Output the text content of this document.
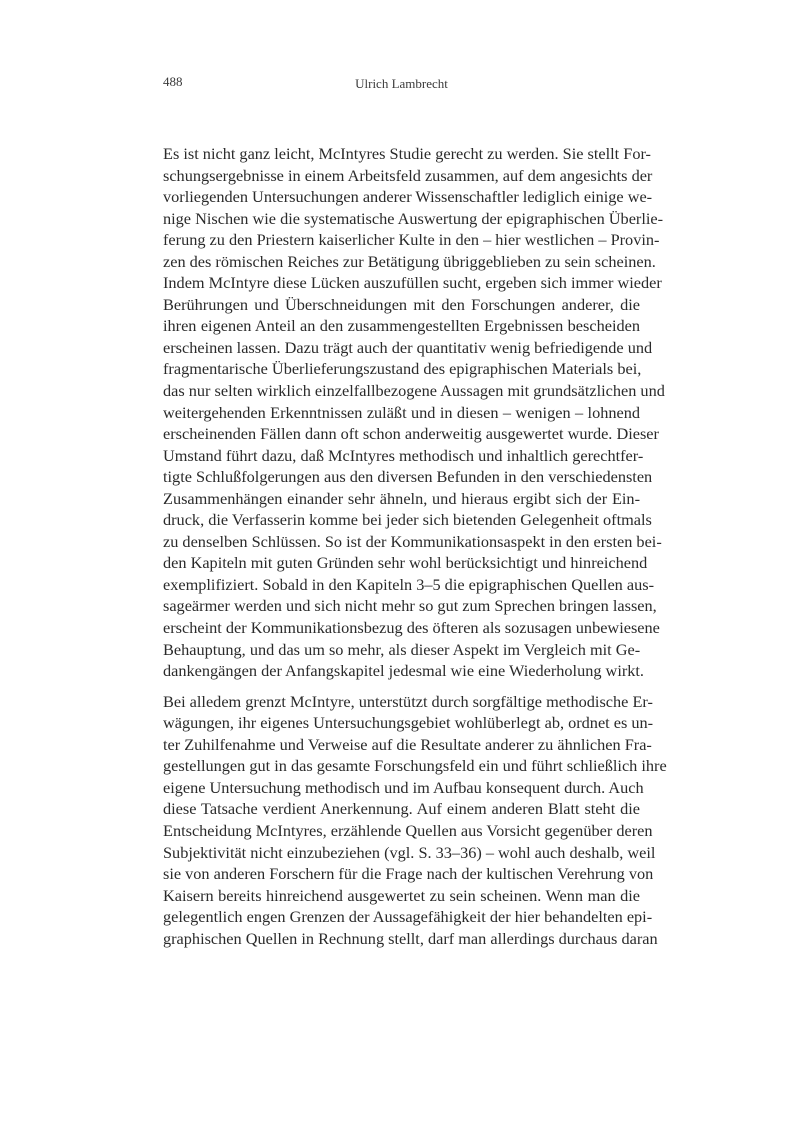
488	Ulrich Lambrecht

Es ist nicht ganz leicht, McIntyres Studie gerecht zu werden. Sie stellt For-
schungsergebnisse in einem Arbeitsfeld zusammen, auf dem angesichts der
vorliegenden Untersuchungen anderer Wissenschaftler lediglich einige we-
nige Nischen wie die systematische Auswertung der epigraphischen Überlie-
ferung zu den Priestern kaiserlicher Kulte in den – hier westlichen – Provin-
zen des römischen Reiches zur Betätigung übriggeblieben zu sein scheinen.
Indem McIntyre diese Lücken auszufüllen sucht, ergeben sich immer wieder
Berührungen und Überschneidungen mit den Forschungen anderer, die
ihren eigenen Anteil an den zusammengestellten Ergebnissen bescheiden
erscheinen lassen. Dazu trägt auch der quantitativ wenig befriedigende und
fragmentarische Überlieferungszustand des epigraphischen Materials bei,
das nur selten wirklich einzelfallbezogene Aussagen mit grundsätzlichen und
weitergehenden Erkenntnissen zuläßt und in diesen – wenigen – lohnend
erscheinenden Fällen dann oft schon anderweitig ausgewertet wurde. Dieser
Umstand führt dazu, daß McIntyres methodisch und inhaltlich gerechtfer-
tigte Schlußfolgerungen aus den diversen Befunden in den verschiedensten
Zusammenhängen einander sehr ähneln, und hieraus ergibt sich der Ein-
druck, die Verfasserin komme bei jeder sich bietenden Gelegenheit oftmals
zu denselben Schlüssen. So ist der Kommunikationsaspekt in den ersten bei-
den Kapiteln mit guten Gründen sehr wohl berücksichtigt und hinreichend
exemplifiziert. Sobald in den Kapiteln 3–5 die epigraphischen Quellen aus-
sageärmer werden und sich nicht mehr so gut zum Sprechen bringen lassen,
erscheint der Kommunikationsbezug des öfteren als sozusagen unbewiesene
Behauptung, und das um so mehr, als dieser Aspekt im Vergleich mit Ge-
dankengängen der Anfangskapitel jedesmal wie eine Wiederholung wirkt.

Bei alledem grenzt McIntyre, unterstützt durch sorgfältige methodische Er-
wägungen, ihr eigenes Untersuchungsgebiet wohlüberlegt ab, ordnet es un-
ter Zuhilfenahme und Verweise auf die Resultate anderer zu ähnlichen Fra-
gestellungen gut in das gesamte Forschungsfeld ein und führt schließlich ihre
eigene Untersuchung methodisch und im Aufbau konsequent durch. Auch
diese Tatsache verdient Anerkennung. Auf einem anderen Blatt steht die
Entscheidung McIntyres, erzählende Quellen aus Vorsicht gegenüber deren
Subjektivität nicht einzubeziehen (vgl. S. 33–36) – wohl auch deshalb, weil
sie von anderen Forschern für die Frage nach der kultischen Verehrung von
Kaisern bereits hinreichend ausgewertet zu sein scheinen. Wenn man die
gelegentlich engen Grenzen der Aussagefähigkeit der hier behandelten epi-
graphischen Quellen in Rechnung stellt, darf man allerdings durchaus daran
